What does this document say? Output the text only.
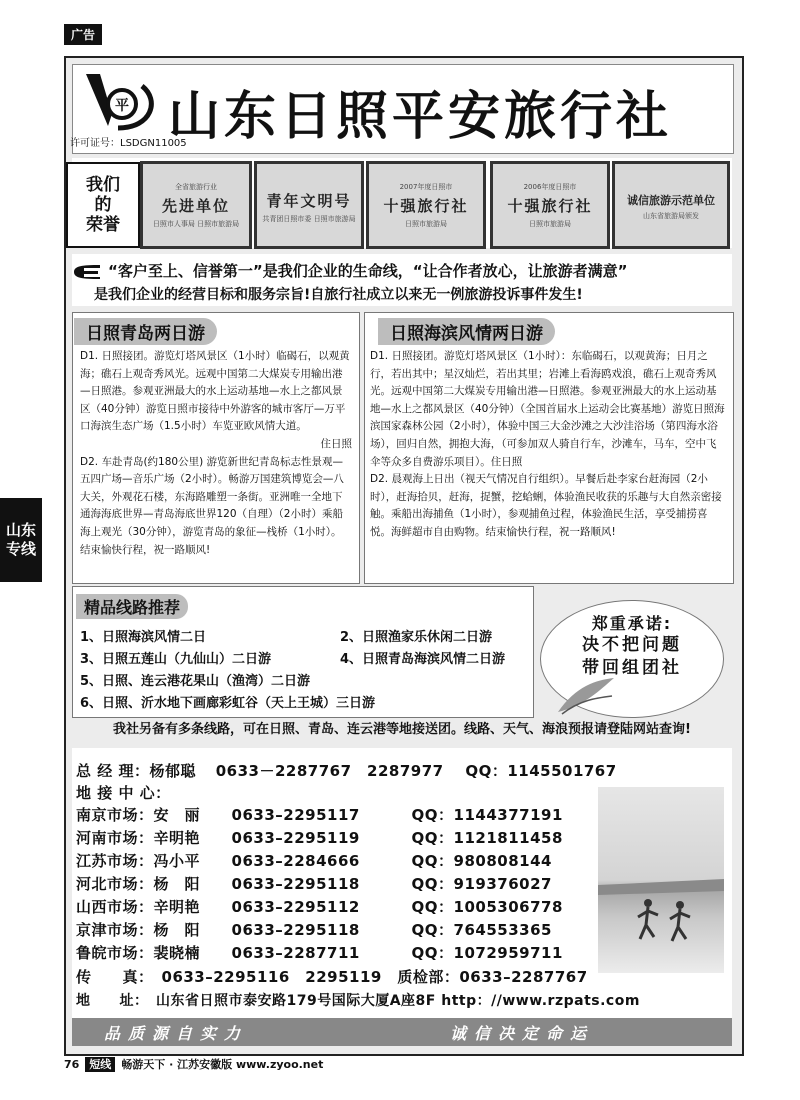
广告
山东
专线
平 山东日照平安旅行社
许可证号：LSDGN11005
我们
的
荣誉
全省旅游行业
先进单位
日照市人事局 日照市旅游局
青年文明号
共青团日照市委 日照市旅游局
2007年度日照市
十强旅行社
日照市旅游局
2006年度日照市
十强旅行社
日照市旅游局
诚信旅游示范单位
山东省旅游局颁发
“客户至上、信誉第一”是我们企业的生命线，“让合作者放心，让旅游者满意”
是我们企业的经营目标和服务宗旨!自旅行社成立以来无一例旅游投诉事件发生!
日照青岛两日游

D1. 日照接团。游览灯塔风景区（1小时）临碣石，以观黄海；礁石上观奇秀风光。远观中国第二大煤炭专用输出港—日照港。参观亚洲最大的水上运动基地—水上之都风景区（40分钟）游览日照市接待中外游客的城市客厅—万平口海滨生态广场（1.5小时）车览亚欧风情大道。

住日照

D2. 车赴青岛(约180公里) 游览新世纪青岛标志性景观—五四广场—音乐广场（2小时）。畅游万国建筑博览会—八大关，外观花石楼，东海路雕塑一条街。亚洲唯一全地下通海海底世界—青岛海底世界120（自理）（2小时）乘船海上观光（30分钟），游览青岛的象征—栈桥（1小时）。结束愉快行程，祝一路顺风!

日照海滨风情两日游

D1. 日照接团。游览灯塔风景区（1小时）：东临碣石，以观黄海；日月之行，若出其中；星汉灿烂，若出其里；岩滩上看海鸥戏浪，礁石上观奇秀风光。远观中国第二大煤炭专用输出港—日照港。参观亚洲最大的水上运动基地—水上之都风景区（40分钟）（全国首届水上运动会比赛基地）游览日照海滨国家森林公园（2小时），体验中国三大金沙滩之大沙洼浴场（第四海水浴场），回归自然，拥抱大海，（可参加双人骑自行车，沙滩车，马车，空中飞伞等众多自费游乐项目）。住日照

D2. 晨观海上日出（视天气情况自行组织）。早餐后赴李家台赶海园（2小时），赶海拾贝，赶海，捉蟹，挖蛤蜊，体验渔民收获的乐趣与大自然亲密接触。乘船出海捕鱼（1小时），参观捕鱼过程，体验渔民生活，享受捕捞喜悦。海鲜超市自由购物。结束愉快行程，祝一路顺风!

精品线路推荐
1、日照海滨风情二日	2、日照渔家乐休闲二日游
3、日照五莲山（九仙山）二日游	4、日照青岛海滨风情二日游
5、日照、连云港花果山（渔湾）二日游
6、日照、沂水地下画廊彩虹谷（天上王城）三日游
郑重承诺:
决不把问题
带回组团社
我社另备有多条线路，可在日照、青岛、连云港等地接送团。线路、天气、海浪预报请登陆网站查询!
总 经 理：杨郁聪 0633－2287767　2287977 QQ：1145501767
地 接 中 心：
南京市场：安　丽 0633–2295117	QQ：1144377191
河南市场：辛明艳 0633–2295119	QQ：1121811458
江苏市场：冯小平 0633–2284666	QQ：980808144
河北市场：杨　阳 0633–2295118	QQ：919376027
山西市场：辛明艳 0633–2295112	QQ：1005306778
京津市场：杨　阳 0633–2295118	QQ：764553365
鲁皖市场：裴晓楠 0633–2287711	QQ：1072959711
传　　真：　0633–2295116　2295119　质检部：0633–2287767
地　　址：　山东省日照市泰安路179号国际大厦A座8F http：//www.rzpats.com
品质源自实力	诚信决定命运
76 短线 畅游天下 · 江苏安徽版 www.zyoo.net
